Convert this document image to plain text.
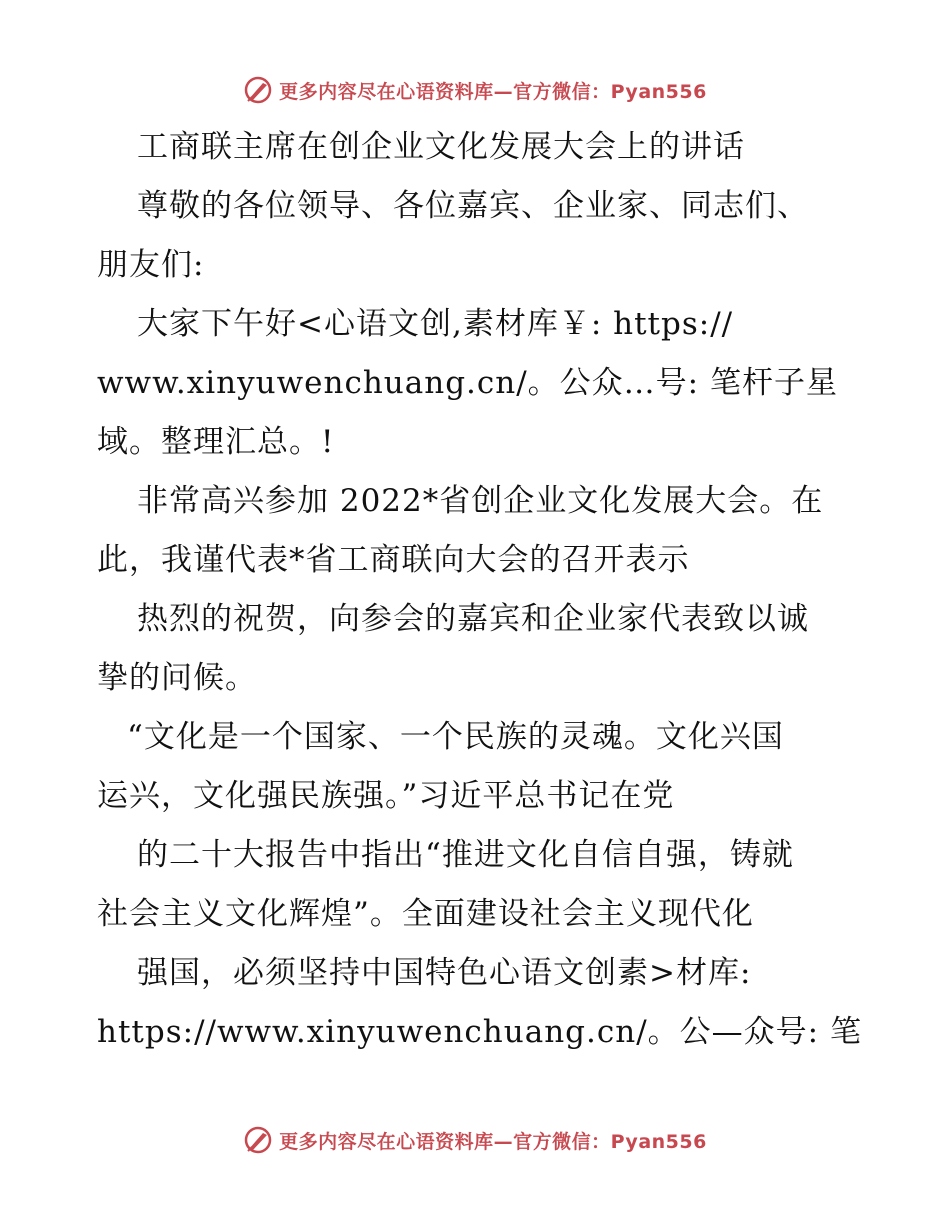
更多内容尽在心语资料库—官方微信：Pyan556
工商联主席在创企业文化发展大会上的讲话
尊敬的各位领导、各位嘉宾、企业家、同志们、
朋友们:
大家下午好<心语文创,素材库￥: https://
www.xinyuwenchuang.cn/。公众…号: 笔杆子星
域。整理汇总。!
非常高兴参加 2022*省创企业文化发展大会。在
此，我谨代表*省工商联向大会的召开表示
热烈的祝贺，向参会的嘉宾和企业家代表致以诚
挚的问候。
“文化是一个国家、一个民族的灵魂。文化兴国
运兴，文化强民族强。”习近平总书记在党
的二十大报告中指出“推进文化自信自强，铸就
社会主义文化辉煌”。全面建设社会主义现代化
强国，必须坚持中国特色心语文创素>材库:
https://www.xinyuwenchuang.cn/。公—众号: 笔
更多内容尽在心语资料库—官方微信：Pyan556
